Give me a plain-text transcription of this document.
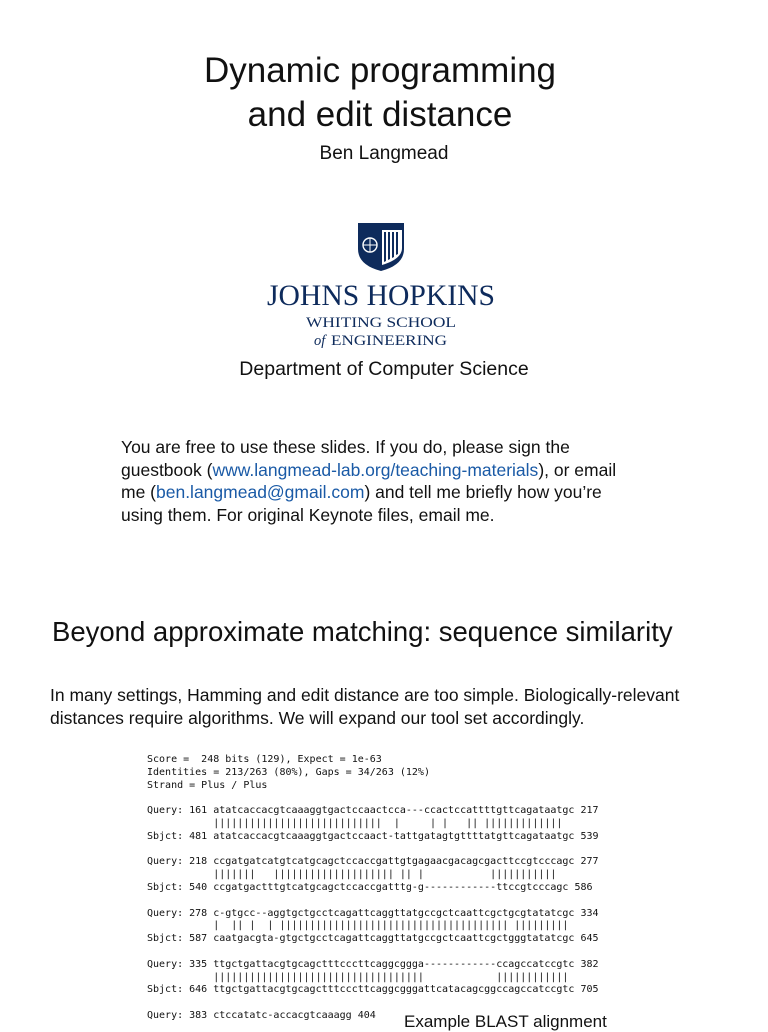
Dynamic programming
and edit distance
Ben Langmead
JOHNS HOPKINS
WHITING SCHOOL
of ENGINEERING
Department of Computer Science
You are free to use these slides. If you do, please sign the guestbook (www.langmead-lab.org/teaching-materials), or email me (ben.langmead@gmail.com) and tell me briefly how you’re using them. For original Keynote files, email me.
Beyond approximate matching: sequence similarity
In many settings, Hamming and edit distance are too simple. Biologically-relevant distances require algorithms. We will expand our tool set accordingly.
Score =  248 bits (129), Expect = 1e-63
Identities = 213/263 (80%), Gaps = 34/263 (12%)
Strand = Plus / Plus

Query: 161 atatcaccacgtcaaaggtgactccaactcca---ccactccattttgttcagataatgc 217
||||||||||||||||||||||||||||  |     | |   || |||||||||||||
Sbjct: 481 atatcaccacgtcaaaggtgactccaact-tattgatagtgttttatgttcagataatgc 539

Query: 218 ccgatgatcatgtcatgcagctccaccgattgtgagaacgacagcgacttccgtcccagc 277
|||||||   |||||||||||||||||||| || |           |||||||||||
Sbjct: 540 ccgatgactttgtcatgcagctccaccgatttg-g------------ttccgtcccagc 586

Query: 278 c-gtgcc--aggtgctgcctcagattcaggttatgccgctcaattcgctgcgtatatcgc 334
|  || |  | |||||||||||||||||||||||||||||||||||||| |||||||||
Sbjct: 587 caatgacgta-gtgctgcctcagattcaggttatgccgctcaattcgctgggtatatcgc 645

Query: 335 ttgctgattacgtgcagctttcccttcaggcggga------------ccagccatccgtc 382
|||||||||||||||||||||||||||||||||||            ||||||||||||
Sbjct: 646 ttgctgattacgtgcagctttcccttcaggcgggattcatacagcggccagccatccgtc 705

Query: 383 ctccatatc-accacgtcaaagg 404	Example BLAST alignment
